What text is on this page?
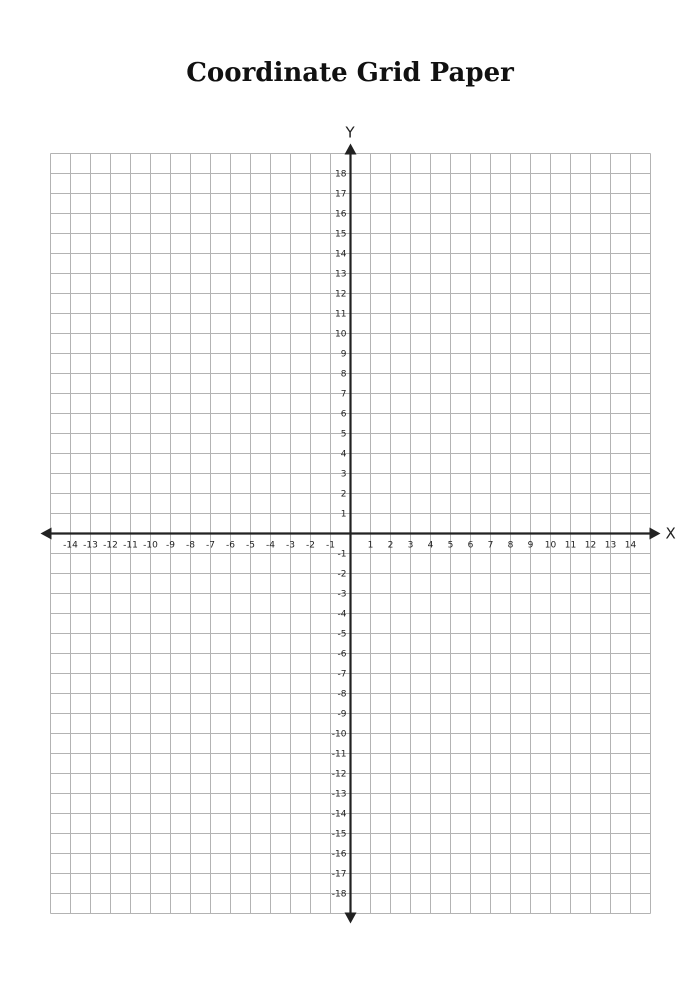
Coordinate Grid Paper
-14 -13 -12 -11 -10 -9 -8 -7 -6 -5 -4 -3 -2 -1	1 2 3 4 5 6 7 8 9 10 11 12 13 14
18
17
16
15
14
13
12
11
10
9
8
7
6
5
4
3
2
1
-1
-2
-3
-4
-5
-6
-7
-8
-9
-10
-11
-12
-13
-14
-15
-16
-17
-18
X
Y
